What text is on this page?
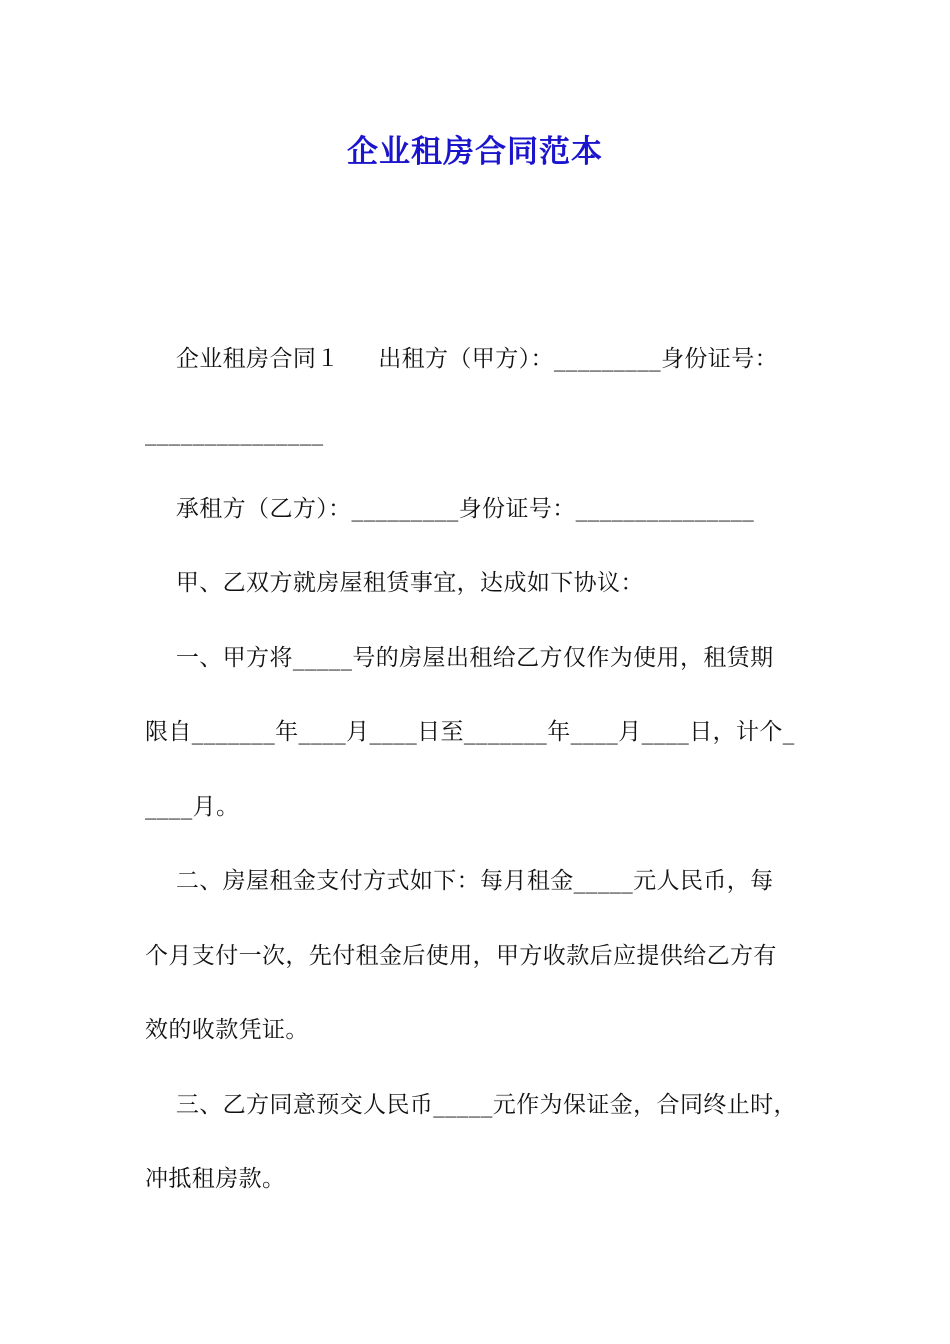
企业租房合同范本
企业租房合同１     出租方（甲方）：_________身份证号：
_______________
承租方（乙方）：_________身份证号：_______________
甲、乙双方就房屋租赁事宜，达成如下协议：
一、甲方将_____号的房屋出租给乙方仅作为使用，租赁期
限自_______年____月____日至_______年____月____日，计个_
____月。
二、房屋租金支付方式如下：每月租金_____元人民币，每
个月支付一次，先付租金后使用，甲方收款后应提供给乙方有
效的收款凭证。
三、乙方同意预交人民币_____元作为保证金，合同终止时，
冲抵租房款。
